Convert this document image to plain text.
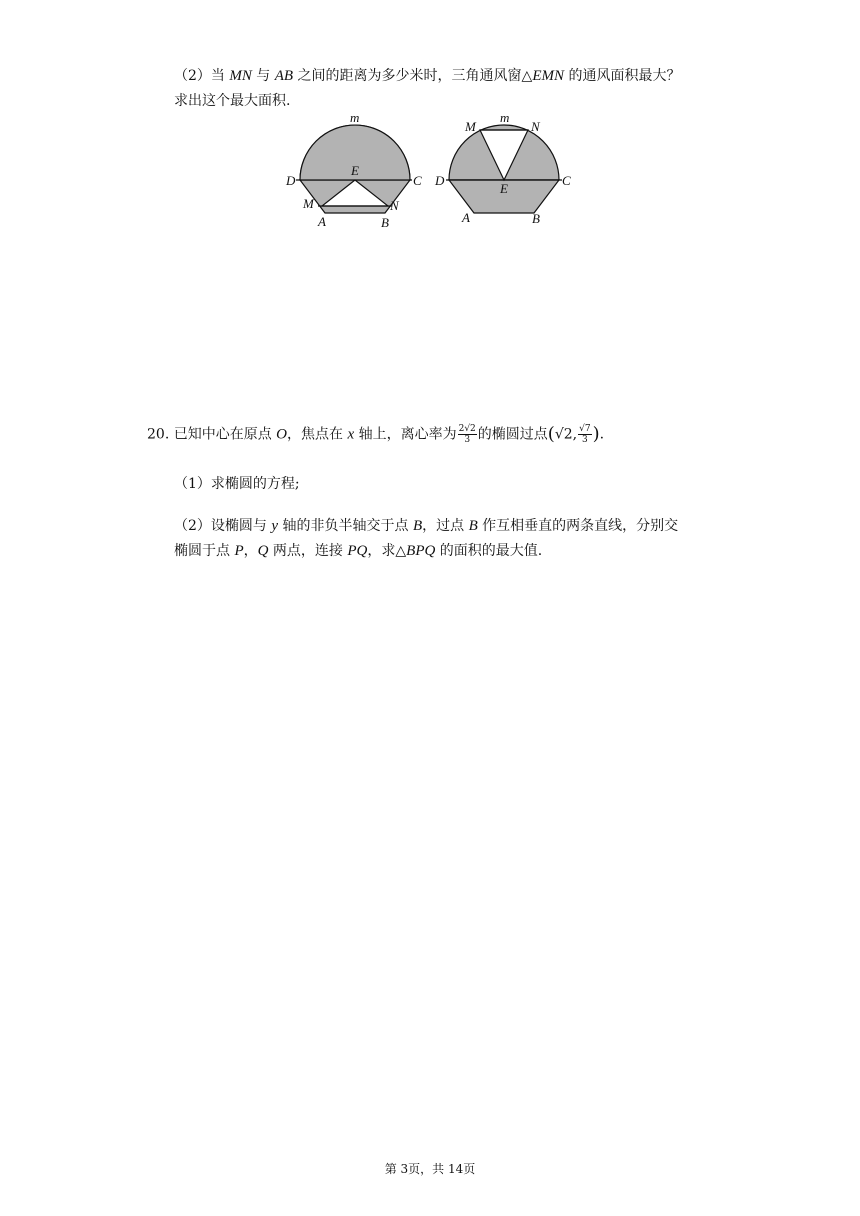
（2）当 MN 与 AB 之间的距离为多少米时，三角通风窗△EMN 的通风面积最大？
求出这个最大面积.
m
D	C
E
M	N
A	B
m
M	N
D	C
E
A	B
20. 已知中心在原点 O，焦点在 x 轴上，离心率为 $\frac{2√2}{3}$ 的椭圆过点(√2, $\frac{√7}{3}$ ).
（1）求椭圆的方程;
（2）设椭圆与 y 轴的非负半轴交于点 B，过点 B 作互相垂直的两条直线，分别交
椭圆于点 P，Q 两点，连接 PQ，求△BPQ 的面积的最大值.
第 3页，共 14页
